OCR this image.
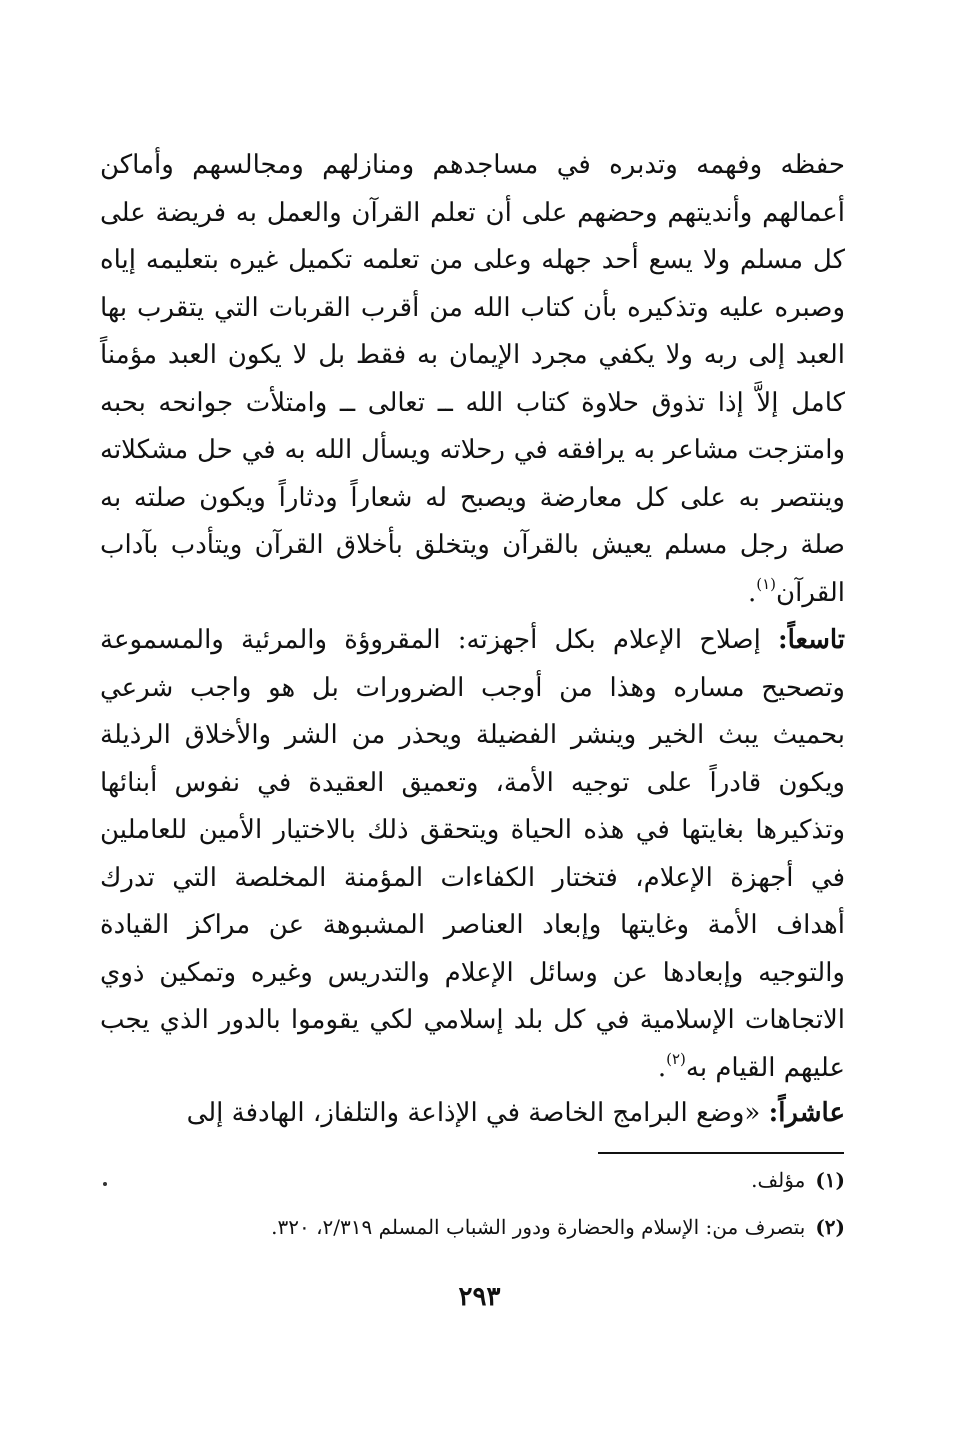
حفظه وفهمه وتدبره في مساجدهم ومنازلهم ومجالسهم وأماكن أعمالهم وأنديتهم وحضهم على أن تعلم القرآن والعمل به فريضة على كل مسلم ولا يسع أحد جهله وعلى من تعلمه تكميل غيره بتعليمه إياه وصبره عليه وتذكيره بأن كتاب الله من أقرب القربات التي يتقرب بها العبد إلى ربه ولا يكفي مجرد الإيمان به فقط بل لا يكون العبد مؤمناً كامل إلاَّ إذا تذوق حلاوة كتاب الله ــ تعالى ــ وامتلأت جوانحه بحبه وامتزجت مشاعر به يرافقه في رحلاته ويسأل الله به في حل مشكلاته وينتصر به على كل معارضة ويصبح له شعاراً ودثاراً ويكون صلته به صلة رجل مسلم يعيش بالقرآن ويتخلق بأخلاق القرآن ويتأدب بآداب القرآن$^{(١)}$.

تاسعاً: إصلاح الإعلام بكل أجهزته: المقروؤة والمرئية والمسموعة وتصحيح مساره وهذا من أوجب الضرورات بل هو واجب شرعي بحميث يبث الخير وينشر الفضيلة ويحذر من الشر والأخلاق الرذيلة ويكون قادراً على توجيه الأمة، وتعميق العقيدة في نفوس أبنائها وتذكيرها بغايتها في هذه الحياة ويتحقق ذلك بالاختيار الأمين للعاملين في أجهزة الإعلام، فتختار الكفاءات المؤمنة المخلصة التي تدرك أهداف الأمة وغايتها وإبعاد العناصر المشبوهة عن مراكز القيادة والتوجيه وإبعادها عن وسائل الإعلام والتدريس وغيره وتمكين ذوي الاتجاهات الإسلامية في كل بلد إسلامي لكي يقوموا بالدور الذي يجب عليهم القيام به$^{(٢)}$.

عاشراً: «وضع البرامج الخاصة في الإذاعة والتلفاز، الهادفة إلى

(١)مؤلف.
(٢)بتصرف من: الإسلام والحضارة ودور الشباب المسلم ٢/٣١٩، ٣٢٠.
٢٩٣
